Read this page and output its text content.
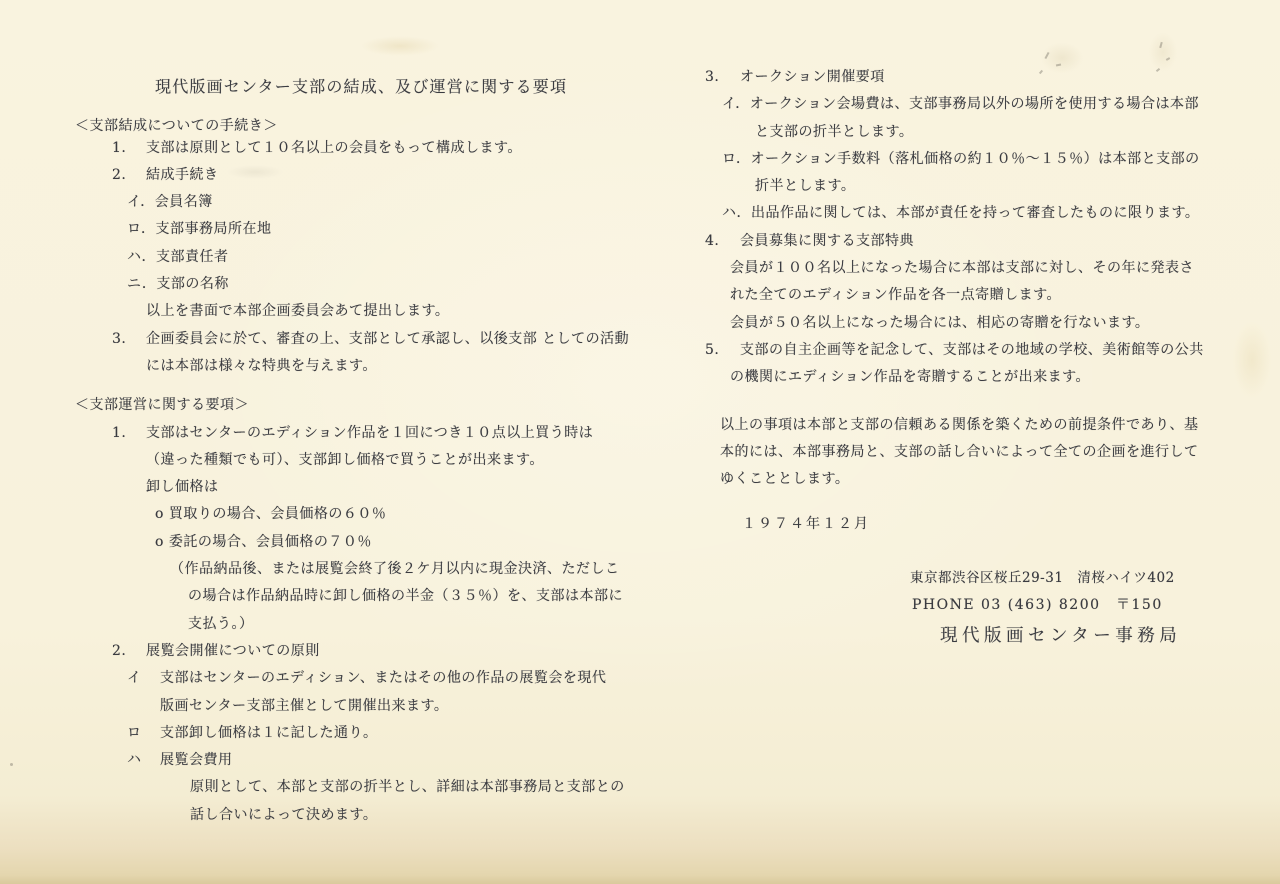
現代版画センター支部の結成、及び運営に関する要項
＜支部結成についての手続き＞
1.	支部は原則として１０名以上の会員をもって構成します。
2.	結成手続き
イ．会員名簿
ロ．支部事務局所在地
ハ．支部責任者
ニ．支部の名称
以上を書面で本部企画委員会あて提出します。
3.	企画委員会に於て、審査の上、支部として承認し、以後支部 としての活動
には本部は様々な特典を与えます。
＜支部運営に関する要項＞
1.	支部はセンターのエディション作品を１回につき１０点以上買う時は
（違った種類でも可）、支部卸し価格で買うことが出来ます。
卸し価格は
o 買取りの場合、会員価格の６０％
o 委託の場合、会員価格の７０％
（作品納品後、または展覧会終了後２ケ月以内に現金決済、ただしこ
の場合は作品納品時に卸し価格の半金（３５％）を、支部は本部に
支払う。）
2.	展覧会開催についての原則
イ	支部はセンターのエディション、またはその他の作品の展覧会を現代
版画センター支部主催として開催出来ます。
ロ	支部卸し価格は１に記した通り。
ハ	展覧会費用
原則として、本部と支部の折半とし、詳細は本部事務局と支部との
話し合いによって決めます。
3.	オークション開催要項
イ．オークション会場費は、支部事務局以外の場所を使用する場合は本部
と支部の折半とします。
ロ．オークション手数料（落札価格の約１０％～１５％）は本部と支部の
折半とします。
ハ．出品作品に関しては、本部が責任を持って審査したものに限ります。
4.	会員募集に関する支部特典
会員が１００名以上になった場合に本部は支部に対し、その年に発表さ
れた全てのエディション作品を各一点寄贈します。
会員が５０名以上になった場合には、相応の寄贈を行ないます。
5.	支部の自主企画等を記念して、支部はその地域の学校、美術館等の公共
の機関にエディション作品を寄贈することが出来ます。
以上の事項は本部と支部の信頼ある関係を築くための前提条件であり、基
本的には、本部事務局と、支部の話し合いによって全ての企画を進行して
ゆくこととします。
１９７４年１２月
東京都渋谷区桜丘29-31　清桜ハイツ402
PHONE 03 (463) 8200　〒150
現代版画センター事務局
